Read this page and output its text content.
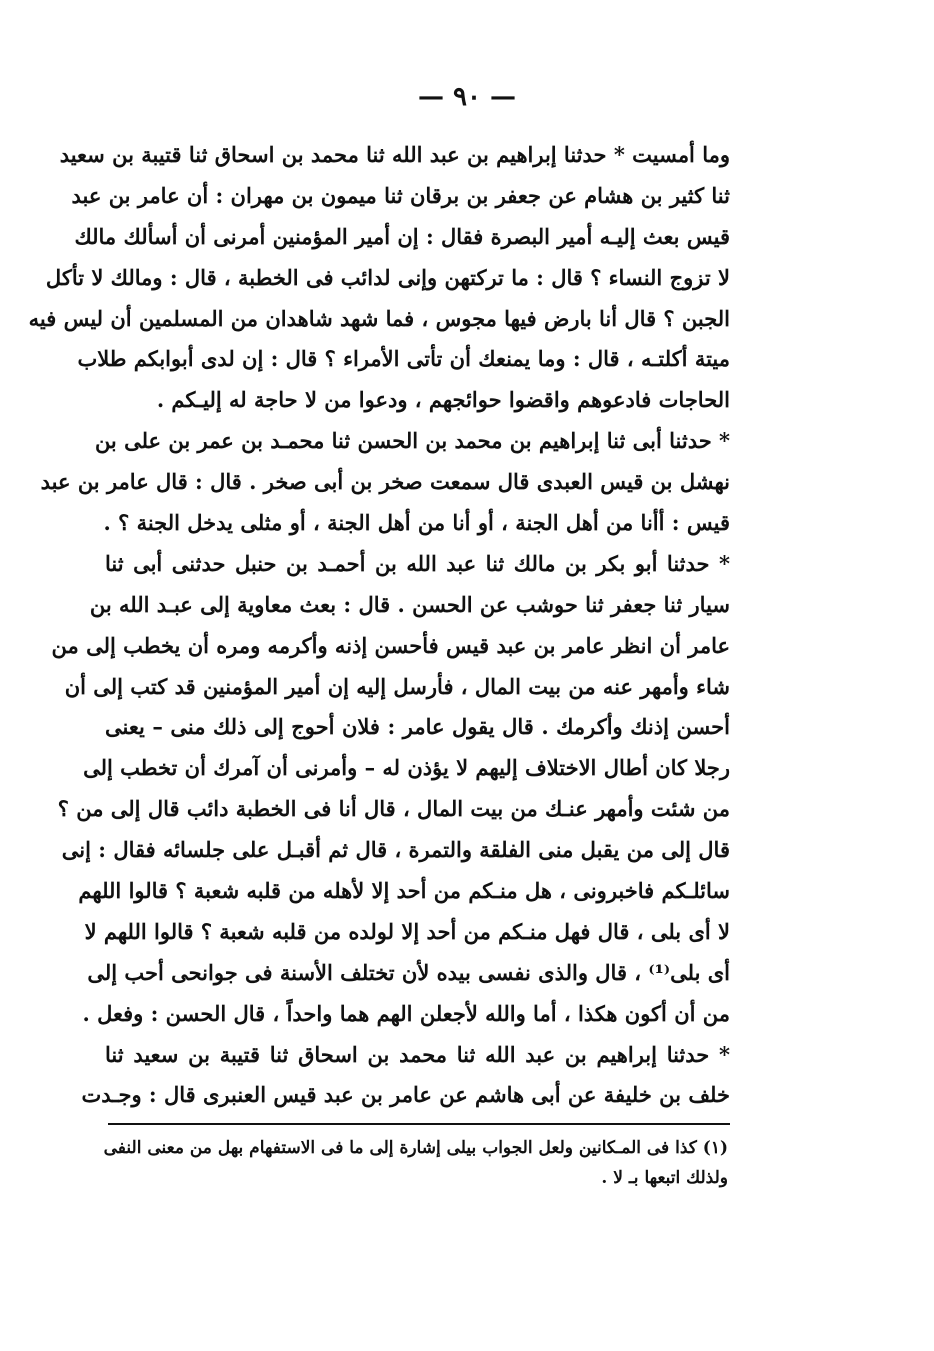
— ٩٠ —
وما أمسيت * حدثنا إبراهيم بن عبد الله ثنا محمد بن اسحاق ثنا قتيبة بن سعيد
ثنا كثير بن هشام عن جعفر بن برقان ثنا ميمون بن مهران : أن عامر بن عبد
قيس بعث إليـه أمير البصرة فقال : إن أمير المؤمنين أمرنى أن أسألك مالك
لا تزوج النساء ؟ قال : ما تركتهن وإنى لدائب فى الخطبة ، قال : ومالك لا تأكل
الجبن ؟ قال أنا بارض فيها مجوس ، فما شهد شاهدان من المسلمين أن ليس فيه
ميتة أكلتـه ، قال : وما يمنعك أن تأتى الأمراء ؟ قال : إن لدى أبوابكم طلاب
الحاجات فادعوهم واقضوا حوائجهم ، ودعوا من لا حاجة له إليـكم .
* حدثنا أبى ثنا إبراهيم بن محمد بن الحسن ثنا محمـد بن عمر بن على بن
نهشل بن قيس العبدى قال سمعت صخر بن أبى صخر . قال : قال عامر بن عبد
قيس : أأنا من أهل الجنة ، أو أنا من أهل الجنة ، أو مثلى يدخل الجنة ؟ .
* حدثنا أبو بكر بن مالك ثنا عبد الله بن أحمـد بن حنبل حدثنى أبى ثنا
سيار ثنا جعفر ثنا حوشب عن الحسن . قال : بعث معاوية إلى عبـد الله بن
عامر أن انظر عامر بن عبد قيس فأحسن إذنه وأكرمه ومره أن يخطب إلى من
شاء وأمهر عنه من بيت المال ، فأرسل إليه إن أمير المؤمنين قد كتب إلى أن
أحسن إذنك وأكرمك . قال يقول عامر : فلان أحوج إلى ذلك منى – يعنى
رجلا كان أطال الاختلاف إليهم لا يؤذن له – وأمرنى أن آمرك أن تخطب إلى
من شئت وأمهر عنـك من بيت المال ، قال أنا فى الخطبة دائب قال إلى من ؟
قال إلى من يقبل منى الفلقة والتمرة ، قال ثم أقبـل على جلسائه فقال : إنى
سائلـكم فاخبرونى ، هل منـكم من أحد إلا لأهله من قلبه شعبة ؟ قالوا اللهم
لا أى بلى ، قال فهل منـكم من أحد إلا لولده من قلبه شعبة ؟ قالوا اللهم لا
أى بلى⁽¹⁾ ، قال والذى نفسى بيده لأن تختلف الأسنة فى جوانحى أحب إلى
من أن أكون هكذا ، أما والله لأجعلن الهم هما واحداً ، قال الحسن : وفعل .
* حدثنا إبراهيم بن عبد الله ثنا محمد بن اسحاق ثنا قتيبة بن سعيد ثنا
خلف بن خليفة عن أبى هاشم عن عامر بن عبد قيس العنبرى قال : وجـدت
(١) كذا فى المـكانين ولعل الجواب بيلى إشارة إلى ما فى الاستفهام بهل من معنى النفى
ولذلك اتبعها بـ لا .
